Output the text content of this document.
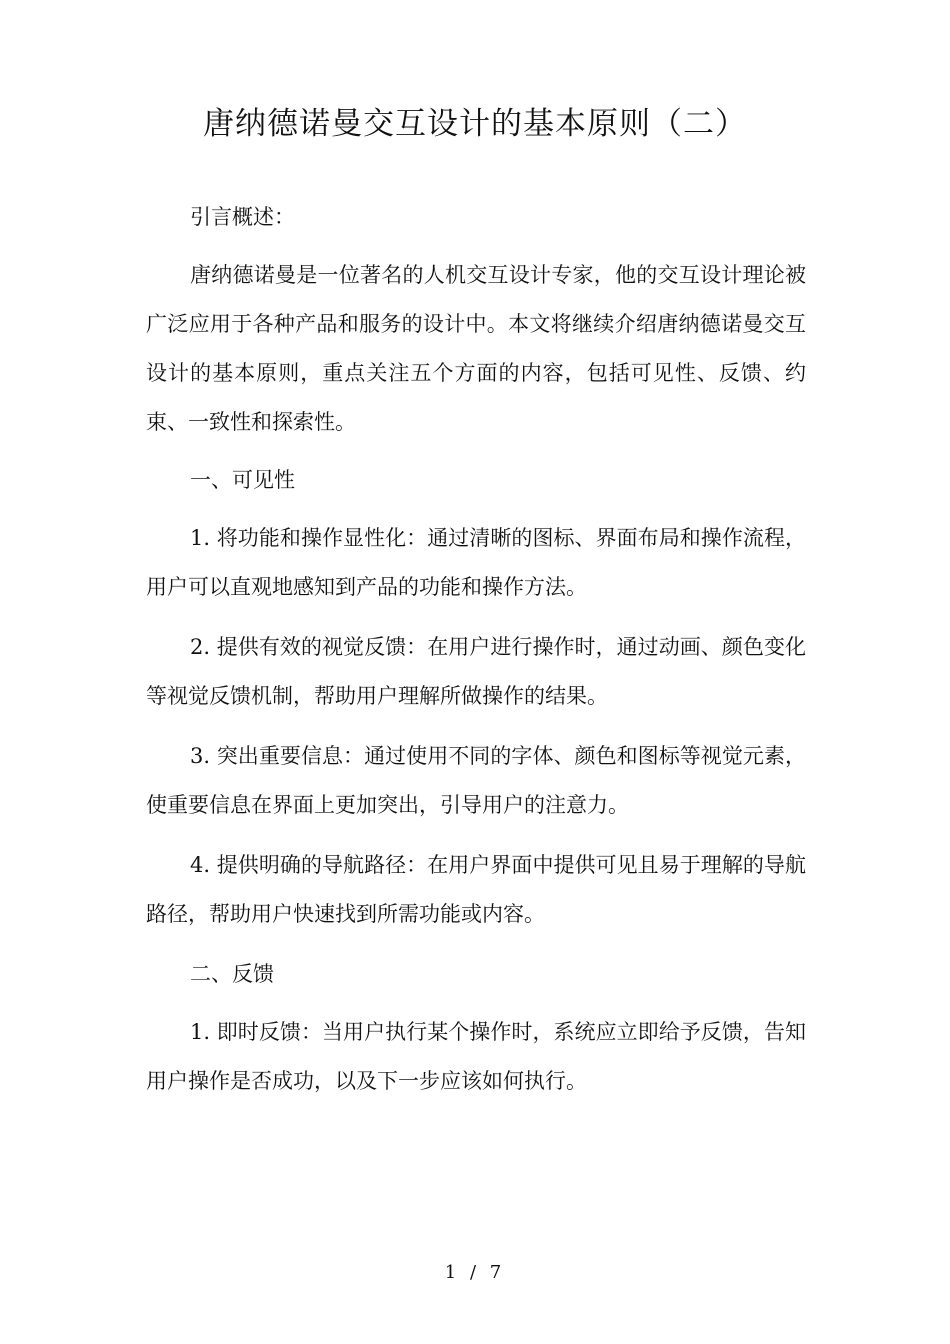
唐纳德诺曼交互设计的基本原则（二）

引言概述：

唐纳德诺曼是一位著名的人机交互设计专家，他的交互设计理论被广泛应用于各种产品和服务的设计中。本文将继续介绍唐纳德诺曼交互设计的基本原则，重点关注五个方面的内容，包括可见性、反馈、约束、一致性和探索性。

一、可见性

1. 将功能和操作显性化：通过清晰的图标、界面布局和操作流程，用户可以直观地感知到产品的功能和操作方法。

2. 提供有效的视觉反馈：在用户进行操作时，通过动画、颜色变化等视觉反馈机制，帮助用户理解所做操作的结果。

3. 突出重要信息：通过使用不同的字体、颜色和图标等视觉元素，使重要信息在界面上更加突出，引导用户的注意力。

4. 提供明确的导航路径：在用户界面中提供可见且易于理解的导航路径，帮助用户快速找到所需功能或内容。

二、反馈

1. 即时反馈：当用户执行某个操作时，系统应立即给予反馈，告知用户操作是否成功，以及下一步应该如何执行。

1 / 7
